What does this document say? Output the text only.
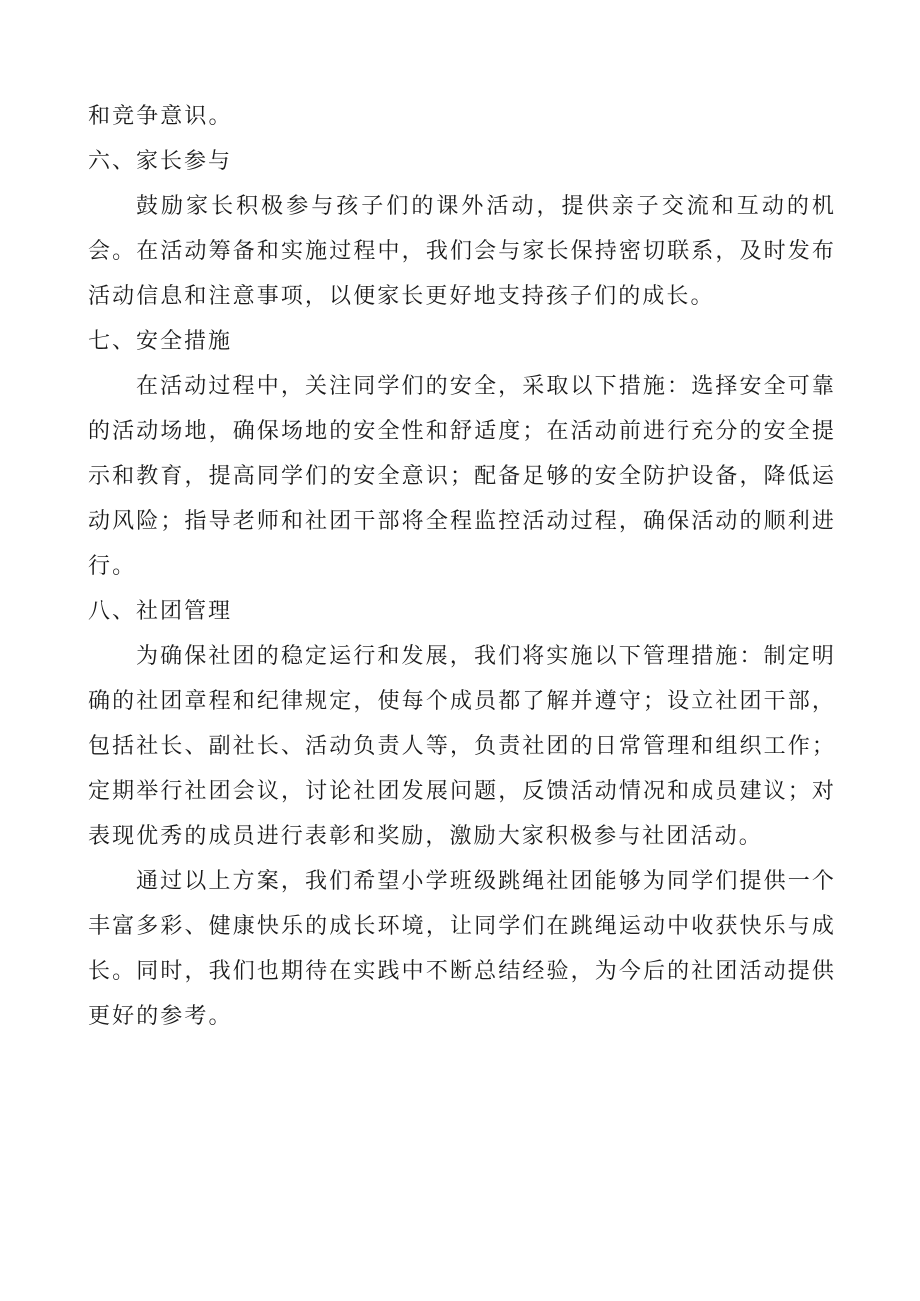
和竞争意识。

六、家长参与

鼓励家长积极参与孩子们的课外活动，提供亲子交流和互动的机会。在活动筹备和实施过程中，我们会与家长保持密切联系，及时发布活动信息和注意事项，以便家长更好地支持孩子们的成长。

七、安全措施

在活动过程中，关注同学们的安全，采取以下措施：选择安全可靠的活动场地，确保场地的安全性和舒适度；在活动前进行充分的安全提示和教育，提高同学们的安全意识；配备足够的安全防护设备，降低运动风险；指导老师和社团干部将全程监控活动过程，确保活动的顺利进行。

八、社团管理

为确保社团的稳定运行和发展，我们将实施以下管理措施：制定明确的社团章程和纪律规定，使每个成员都了解并遵守；设立社团干部，包括社长、副社长、活动负责人等，负责社团的日常管理和组织工作；定期举行社团会议，讨论社团发展问题，反馈活动情况和成员建议；对表现优秀的成员进行表彰和奖励，激励大家积极参与社团活动。

通过以上方案，我们希望小学班级跳绳社团能够为同学们提供一个丰富多彩、健康快乐的成长环境，让同学们在跳绳运动中收获快乐与成长。同时，我们也期待在实践中不断总结经验，为今后的社团活动提供更好的参考。
